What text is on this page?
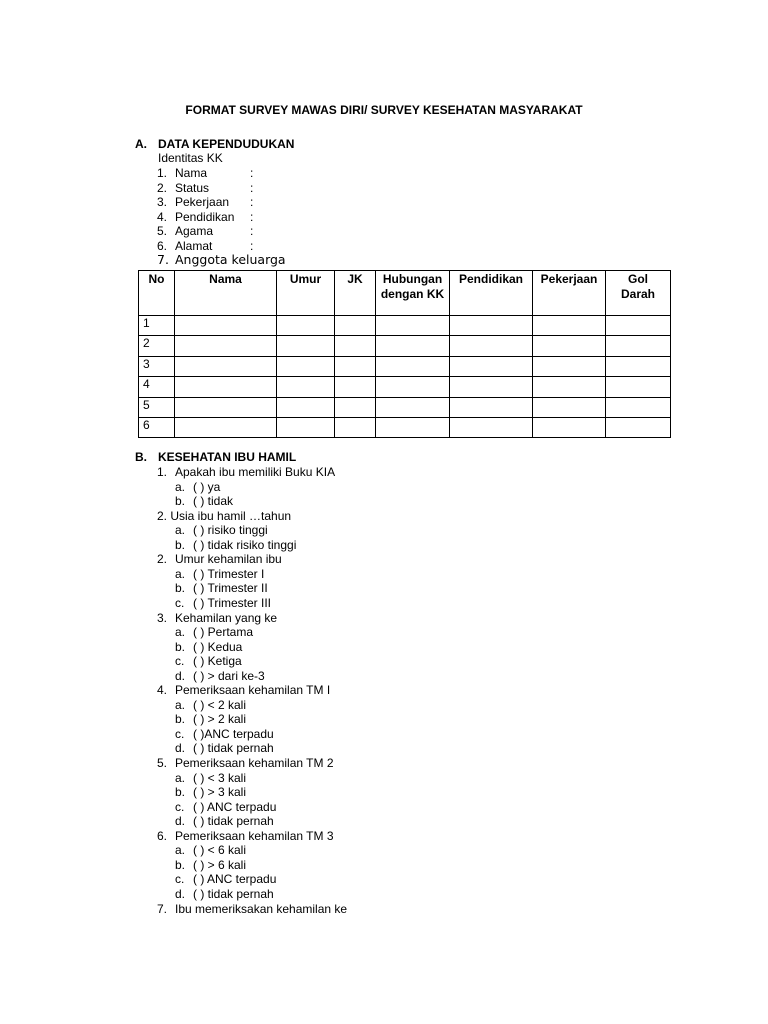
FORMAT SURVEY MAWAS DIRI/ SURVEY KESEHATAN MASYARAKAT
A. DATA KEPENDUDUKAN
Identitas KK
1. Nama	:
2. Status	:
3. Pekerjaan :
4. Pendidikan :
5. Agama	:
6. Alamat	:
7. Anggota keluarga
No	Nama	Umur	JK	Hubungan dengan KK	Pendidikan	Pekerjaan	Gol Darah
1							
2							
3							
4							
5							
6							
B. KESEHATAN IBU HAMIL
1. Apakah ibu memiliki Buku KIA
a. ( ) ya
b. ( ) tidak
2. Usia ibu hamil …tahun
a. ( ) risiko tinggi
b. ( ) tidak risiko tinggi
2. Umur kehamilan ibu
a. ( ) Trimester I
b. ( ) Trimester II
c. ( ) Trimester III
3. Kehamilan yang ke
a. ( ) Pertama
b. ( ) Kedua
c. ( ) Ketiga
d. ( ) > dari ke-3
4. Pemeriksaan kehamilan TM I
a. ( ) < 2 kali
b. ( ) > 2 kali
c. ( )ANC terpadu
d. ( ) tidak pernah
5. Pemeriksaan kehamilan TM 2
a. ( ) < 3 kali
b. ( ) > 3 kali
c. ( ) ANC terpadu
d. ( ) tidak pernah
6. Pemeriksaan kehamilan TM 3
a. ( ) < 6 kali
b. ( ) > 6 kali
c. ( ) ANC terpadu
d. ( ) tidak pernah
7. Ibu memeriksakan kehamilan ke
